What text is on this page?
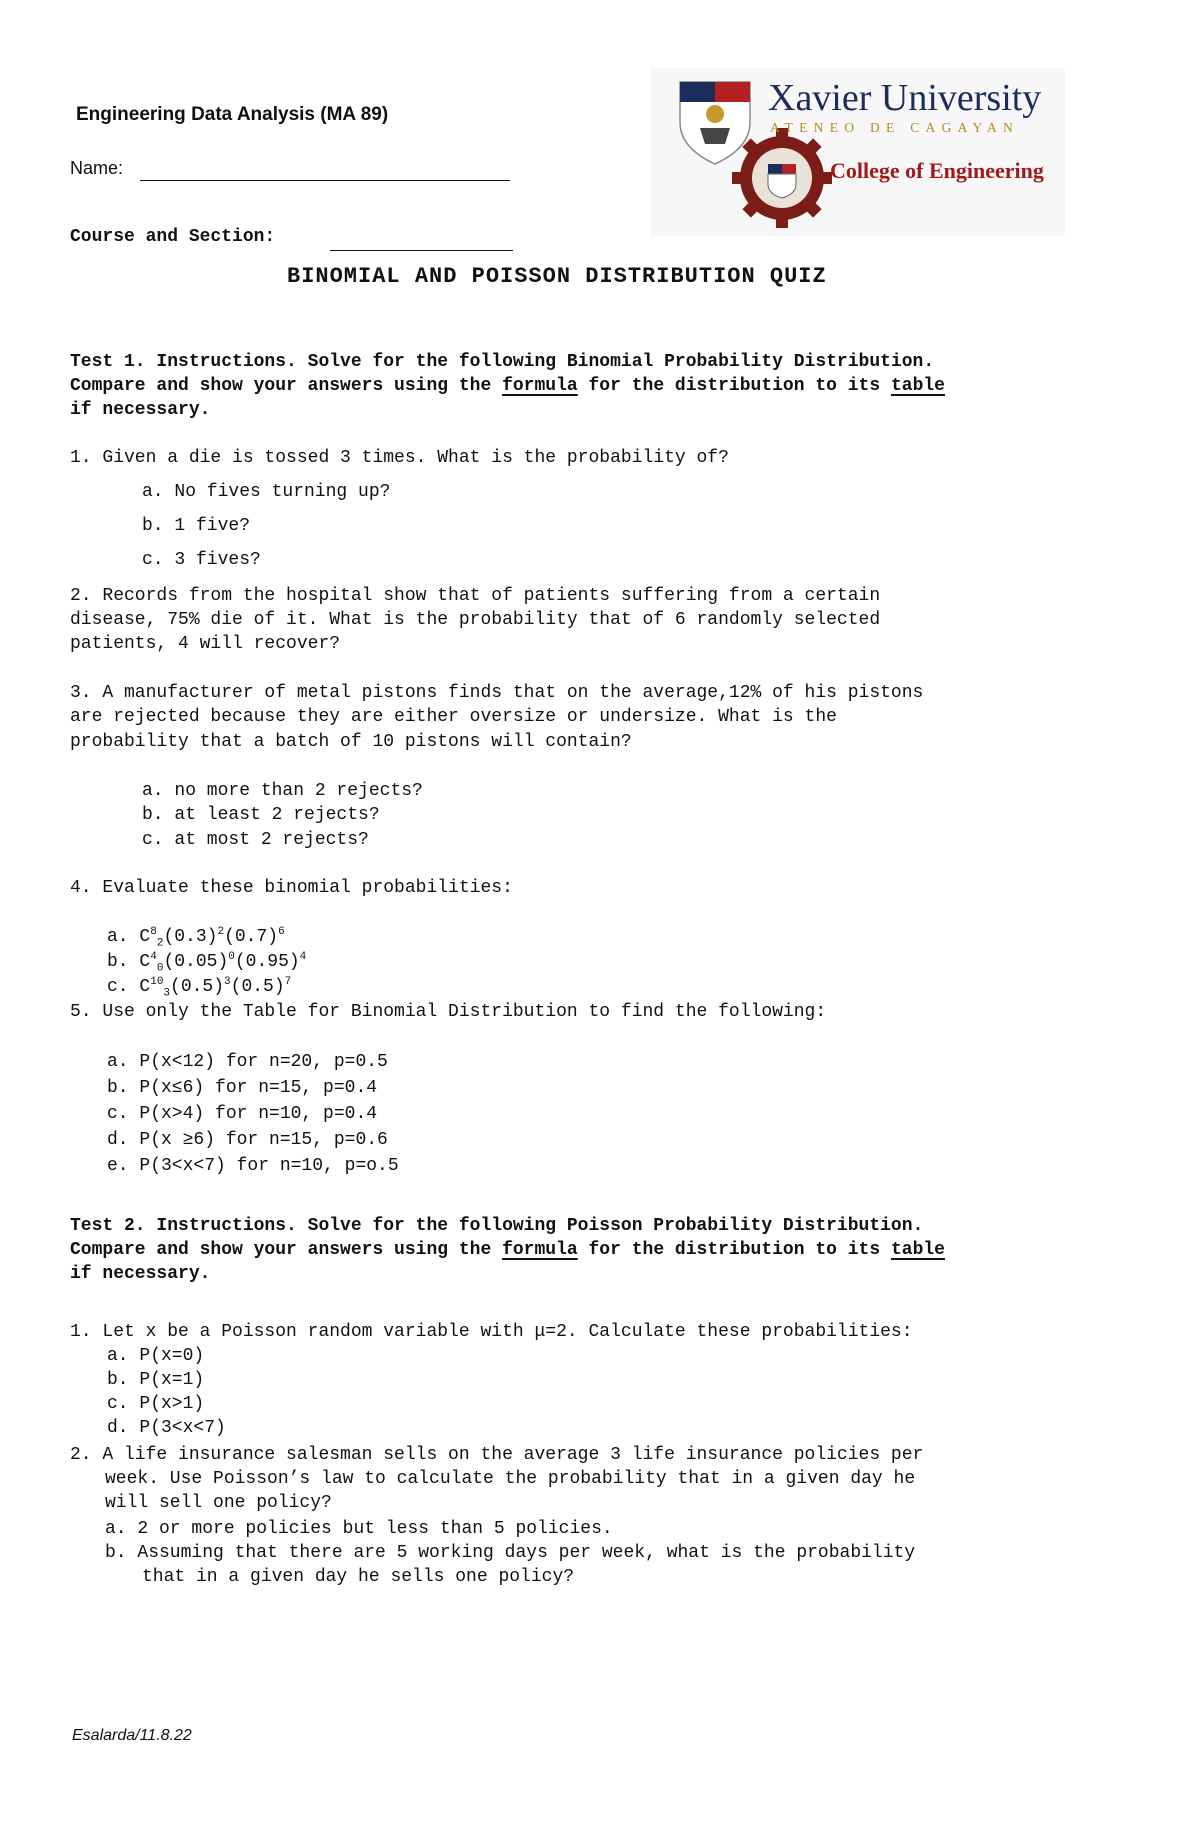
Engineering Data Analysis (MA 89)
Name:
Course and Section:
Xavier University
ATENEO DE CAGAYAN
College of Engineering
BINOMIAL AND POISSON DISTRIBUTION QUIZ
Test 1. Instructions. Solve for the following Binomial Probability Distribution.
Compare and show your answers using the formula for the distribution to its table
if necessary.
1. Given a die is tossed 3 times. What is the probability of?
a. No fives turning up?
b. 1 five?
c. 3 fives?
2. Records from the hospital show that of patients suffering from a certain
disease, 75% die of it. What is the probability that of 6 randomly selected
patients, 4 will recover?
3. A manufacturer of metal pistons finds that on the average,12% of his pistons
are rejected because they are either oversize or undersize. What is the
probability that a batch of 10 pistons will contain?
a. no more than 2 rejects?
b. at least 2 rejects?
c. at most 2 rejects?
4. Evaluate these binomial probabilities:
a. $C^8_2(0.3)^2(0.7)^6$
b. $C^4_0(0.05)^0(0.95)^4$
c. $C^{10}_3(0.5)^3(0.5)^7$
5. Use only the Table for Binomial Distribution to find the following:
a. P(x<12) for n=20, p=0.5
b. P(x≤6) for n=15, p=0.4
c. P(x>4) for n=10, p=0.4
d. P(x ≥6) for n=15, p=0.6
e. P(3<x<7) for n=10, p=o.5
Test 2. Instructions. Solve for the following Poisson Probability Distribution.
Compare and show your answers using the formula for the distribution to its table
if necessary.
1. Let x be a Poisson random variable with μ=2. Calculate these probabilities:
a. P(x=0)
b. P(x=1)
c. P(x>1)
d. P(3<x<7)
2. A life insurance salesman sells on the average 3 life insurance policies per
week. Use Poisson’s law to calculate the probability that in a given day he
will sell one policy?
a. 2 or more policies but less than 5 policies.
b. Assuming that there are 5 working days per week, what is the probability
that in a given day he sells one policy?
Esalarda/11.8.22
